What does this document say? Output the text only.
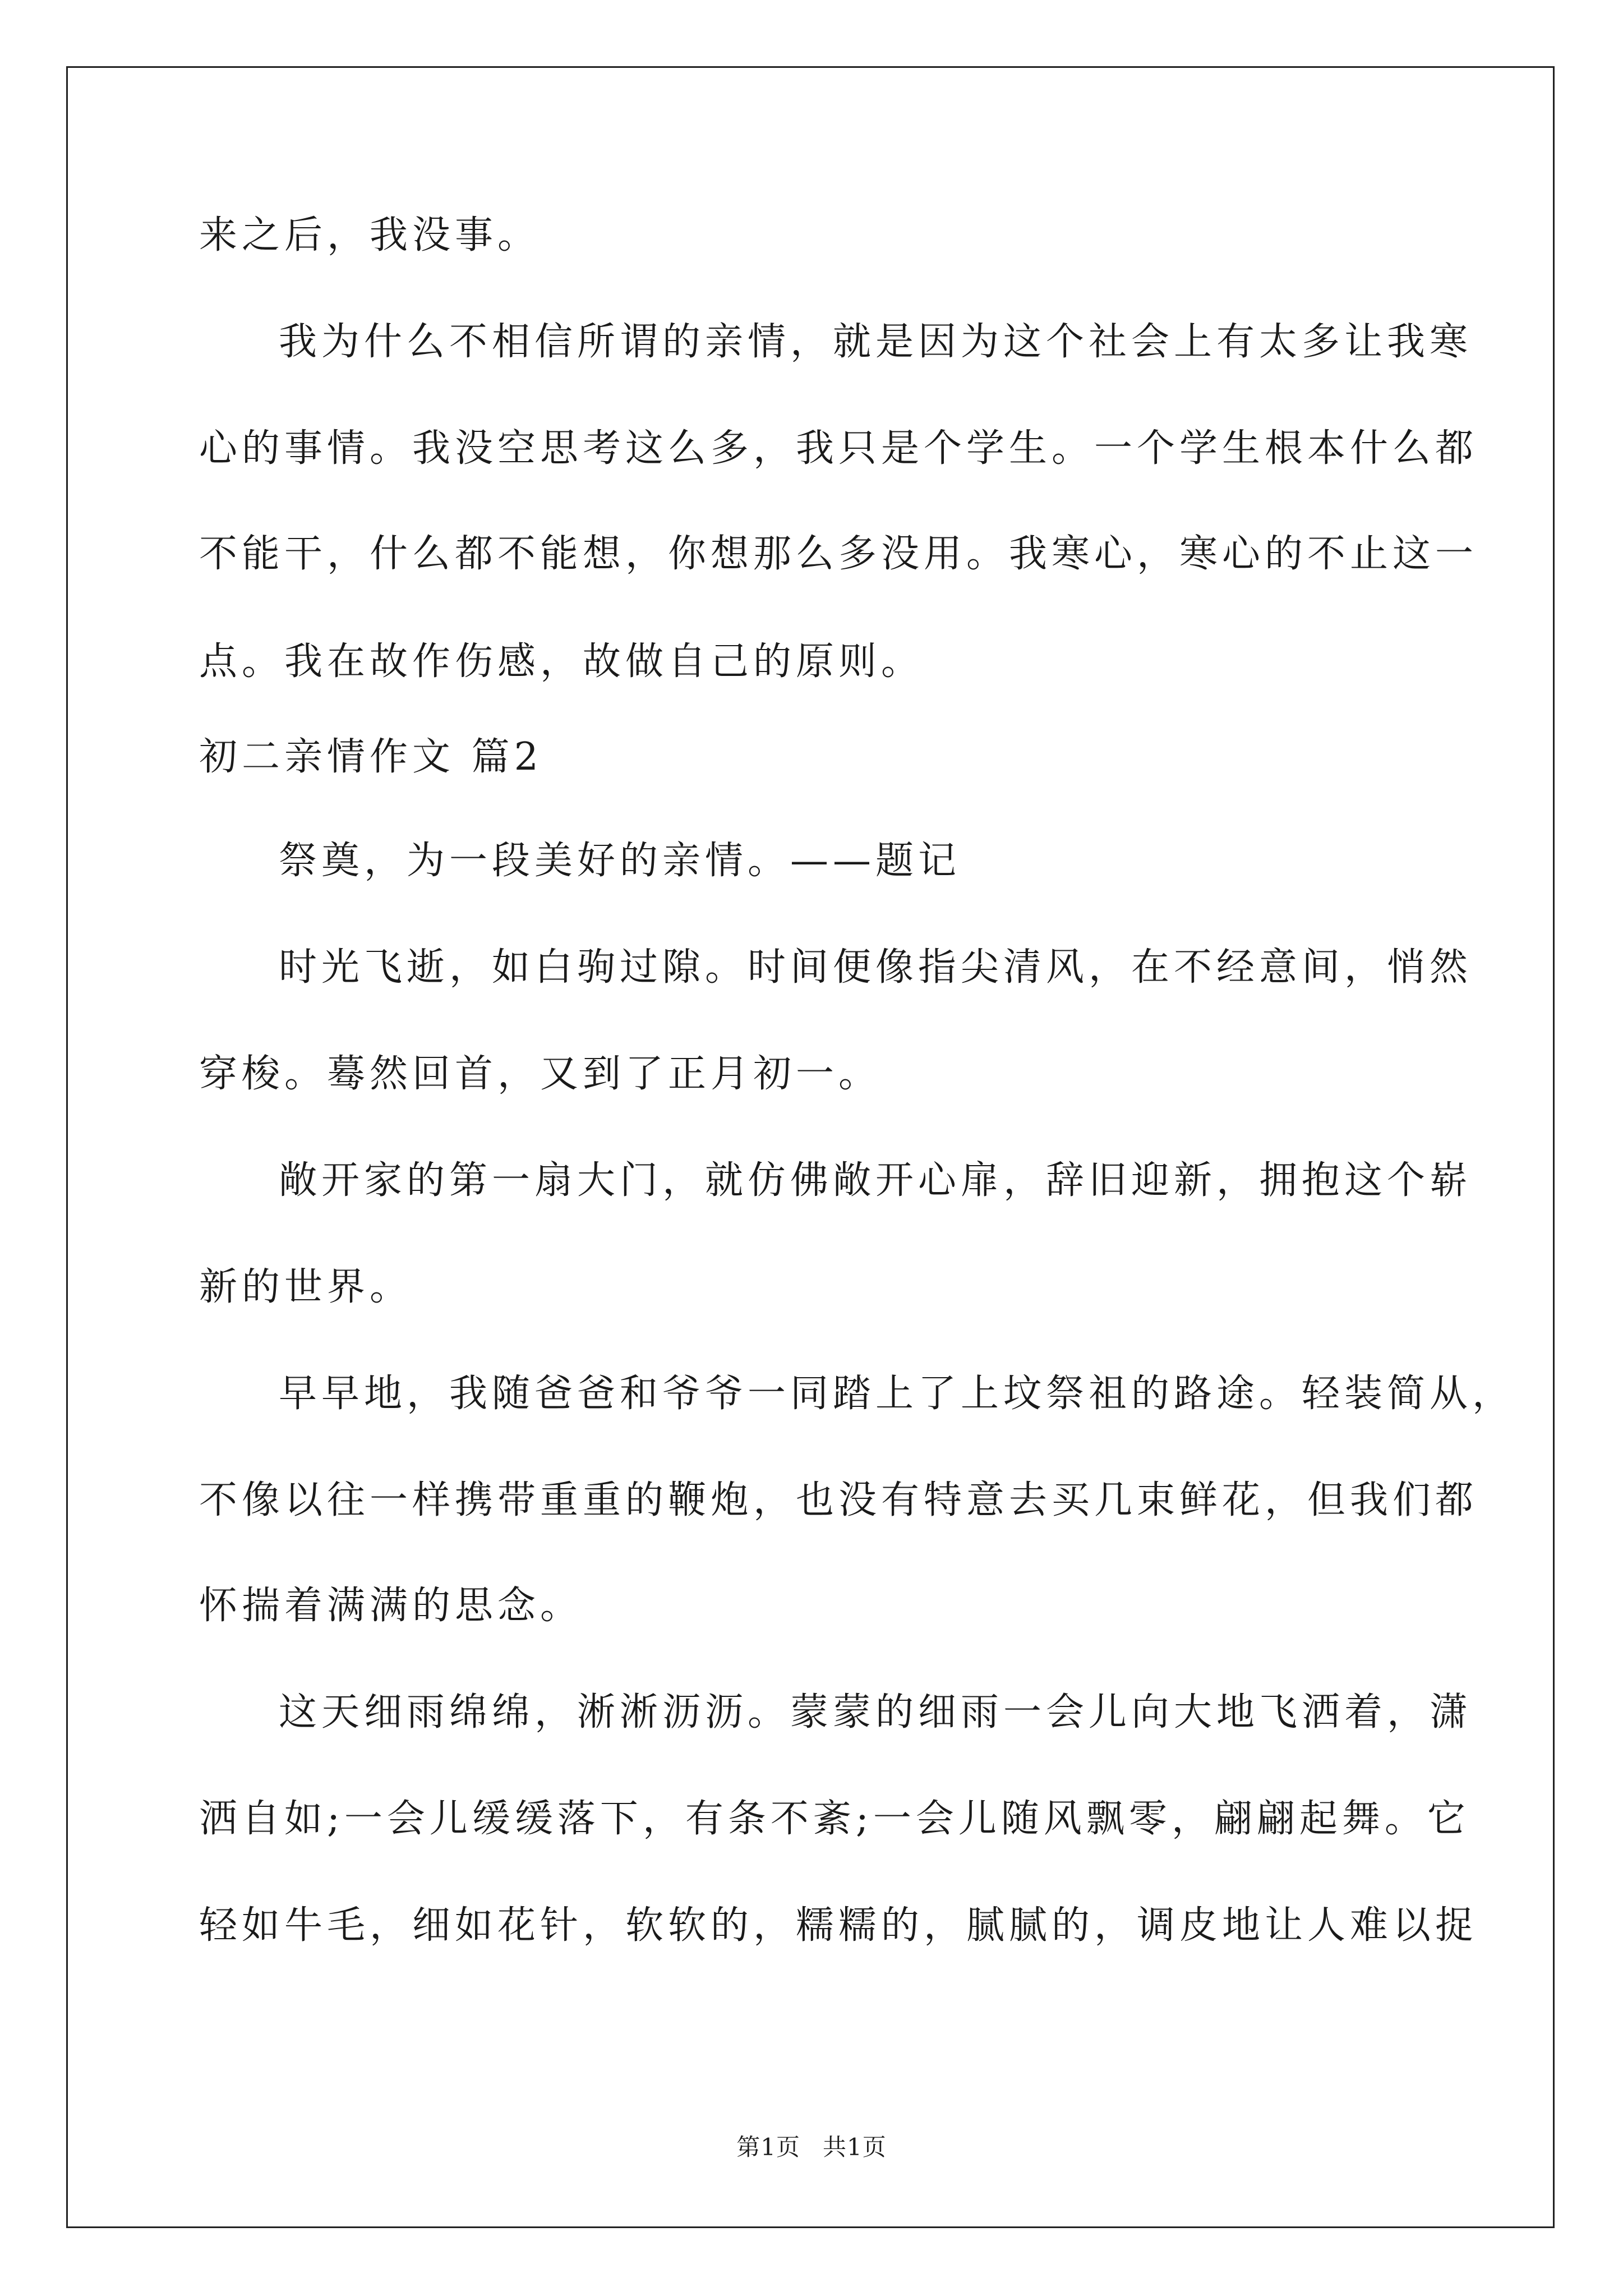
来之后，我没事。
我为什么不相信所谓的亲情，就是因为这个社会上有太多让我寒
心的事情。我没空思考这么多，我只是个学生。一个学生根本什么都
不能干，什么都不能想，你想那么多没用。我寒心，寒心的不止这一
点。我在故作伤感，故做自己的原则。
初二亲情作文 篇2
祭奠，为一段美好的亲情。——题记
时光飞逝，如白驹过隙。时间便像指尖清风，在不经意间，悄然
穿梭。蓦然回首，又到了正月初一。
敞开家的第一扇大门，就仿佛敞开心扉，辞旧迎新，拥抱这个崭
新的世界。
早早地，我随爸爸和爷爷一同踏上了上坟祭祖的路途。轻装简从，
不像以往一样携带重重的鞭炮，也没有特意去买几束鲜花，但我们都
怀揣着满满的思念。
这天细雨绵绵，淅淅沥沥。蒙蒙的细雨一会儿向大地飞洒着，潇
洒自如;一会儿缓缓落下，有条不紊;一会儿随风飘零，翩翩起舞。它
轻如牛毛，细如花针，软软的，糯糯的，腻腻的，调皮地让人难以捉
第1页 共1页
